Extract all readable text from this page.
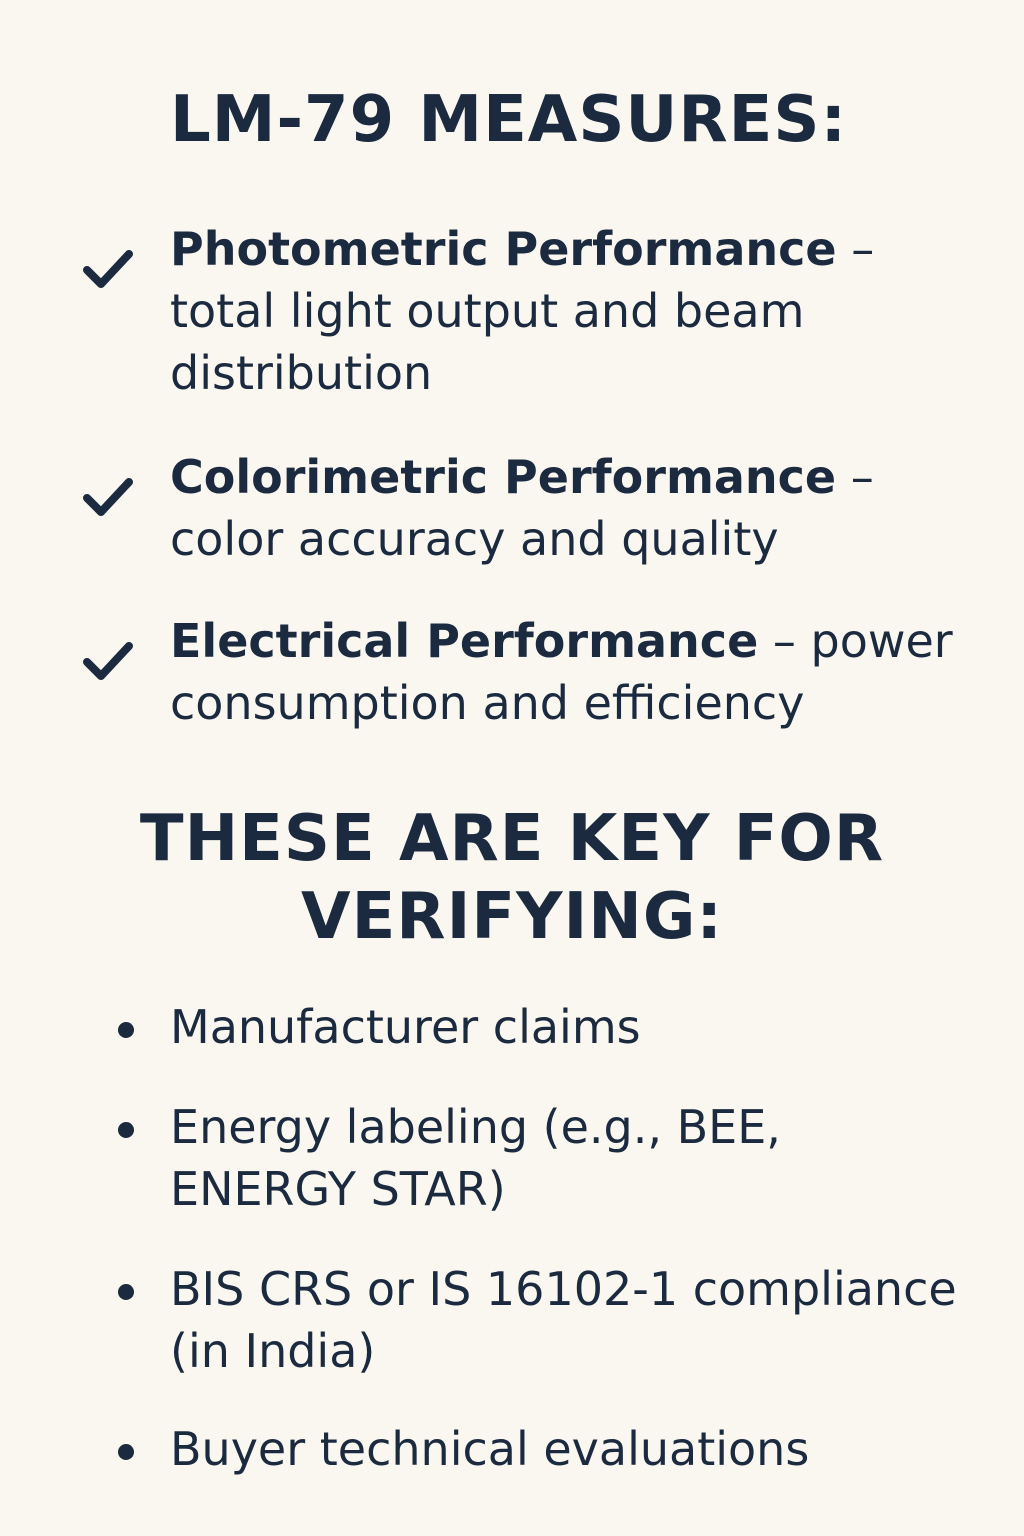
LM-79 MEASURES:

Photometric Performance – total light output and beam distribution

Colorimetric Performance – color accuracy and quality

Electrical Performance – power consumption and efficiency

THESE ARE KEY FOR VERIFYING:

Manufacturer claims

Energy labeling (e.g., BEE, ENERGY STAR)

BIS CRS or IS 16102-1 compliance (in India)

Buyer technical evaluations
